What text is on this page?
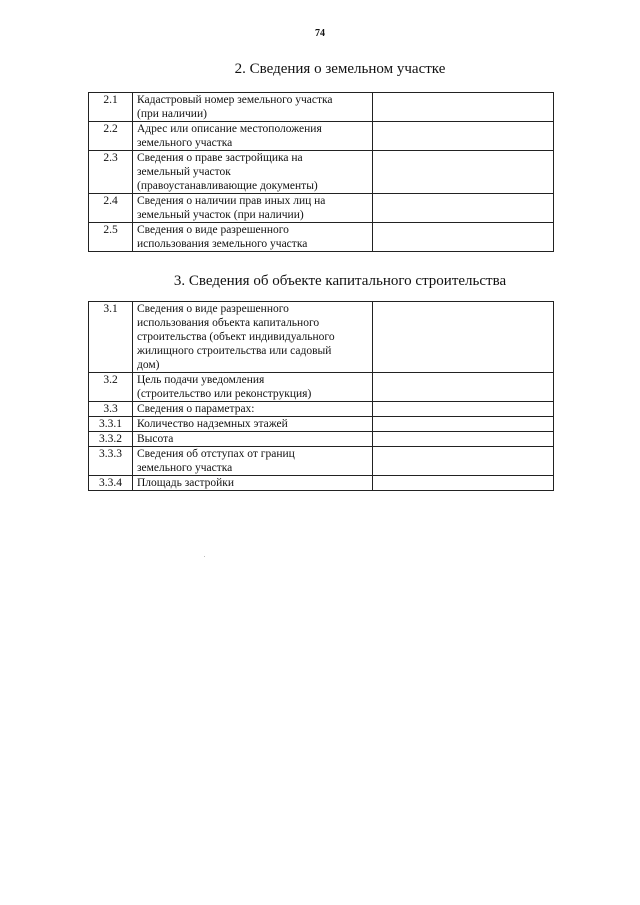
74
2. Сведения о земельном участке
2.1	Кадастровый номер земельного участка
(при наличии)	

2.2	Адрес или описание местоположения
земельного участка	

2.3	Сведения о праве застройщика на
земельный участок
(правоустанавливающие документы)	

2.4	Сведения о наличии прав иных лиц на
земельный участок (при наличии)	

2.5	Сведения о виде разрешенного
использования земельного участка	

3. Сведения об объекте капитального строительства
3.1	Сведения о виде разрешенного
использования объекта капитального
строительства (объект индивидуального
жилищного строительства или садовый
дом)	

3.2	Цель подачи уведомления
(строительство или реконструкция)	

3.3	Сведения о параметрах:	

3.3.1	Количество надземных этажей	

3.3.2	Высота	

3.3.3	Сведения об отступах от границ
земельного участка	

3.3.4	Площадь застройки	
